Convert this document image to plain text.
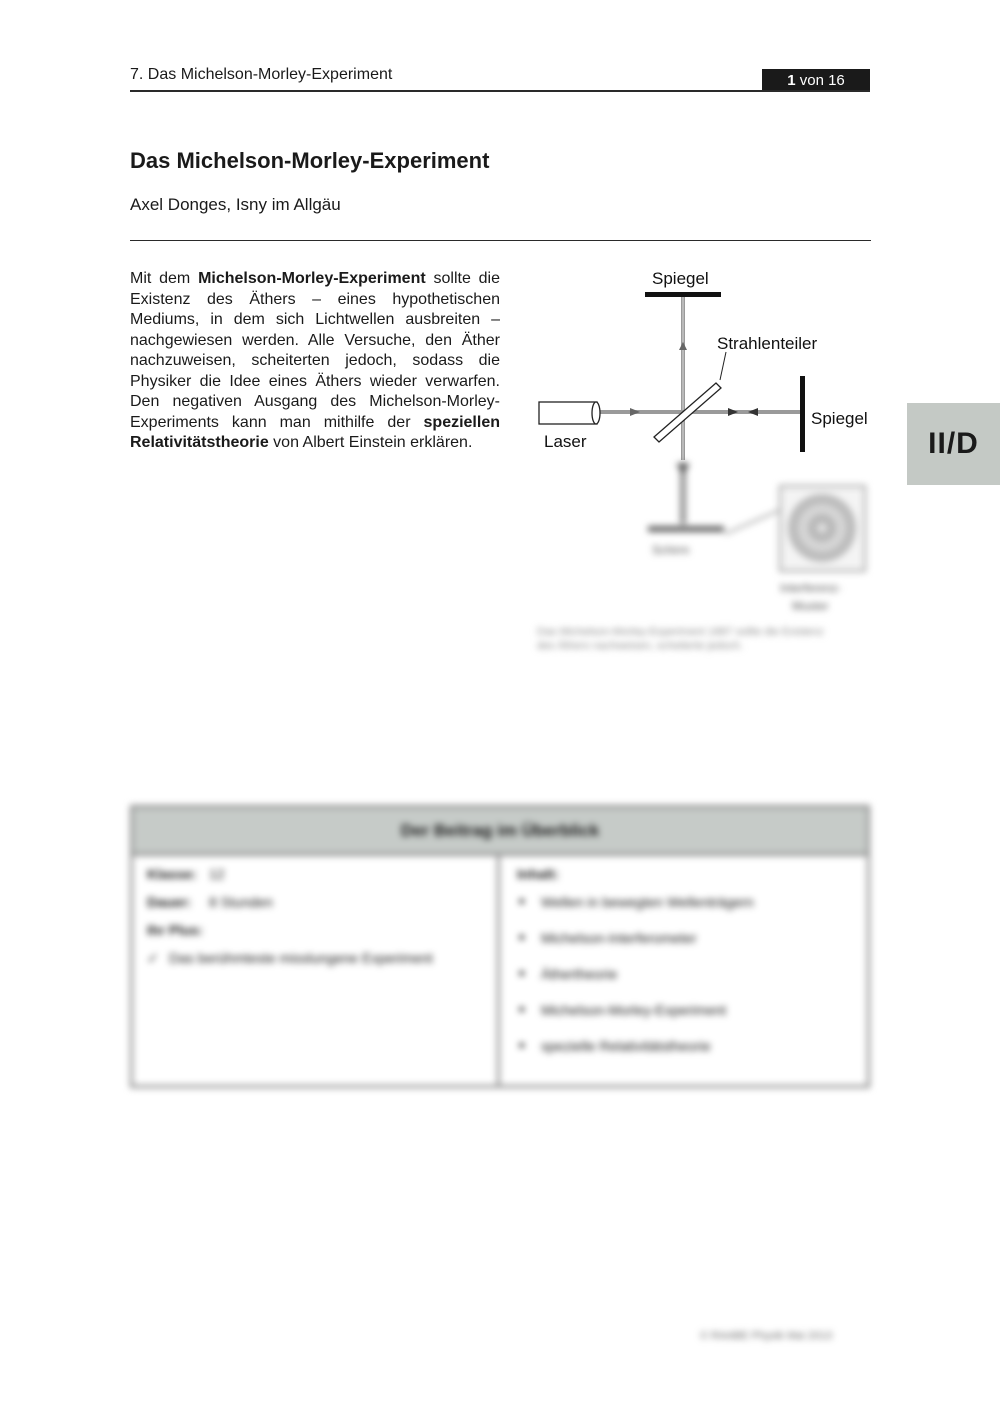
7. Das Michelson-Morley-Experiment	1 von 16
Das Michelson-Morley-Experiment
Axel Donges, Isny im Allgäu

Mit dem Michelson-Morley-Experiment sollte die Existenz des Äthers – eines hypothetischen Mediums, in dem sich Lichtwellen ausbreiten – nachgewiesen werden. Alle Versuche, den Äther nachzuweisen, scheiterten jedoch, sodass die Physiker die Idee eines Äthers wieder verwarfen. Den negativen Ausgang des Michelson-Morley-Experiments kann man mithilfe der speziellen Relativitätstheorie von Albert Einstein erklären.	II/D
Spiegel
Laser
Strahlenteiler
Spiegel
Schirm
Interferenz-
Muster
Das Michelson-Morley-Experiment 1887 sollte die Existenz des Äthers nachweisen, scheiterte jedoch.
Der Beitrag im Überblick
Klasse: 12
Dauer: 8 Stunden
Ihr Plus:
✓ Das berühmteste misslungene Experiment
Inhalt:
■ Wellen in bewegten Wellenträgern
■ Michelson-Interferometer
■ Äthertheorie
■ Michelson-Morley-Experiment
■ spezielle Relativitätstheorie
© RAABE Physik Mai 2013
